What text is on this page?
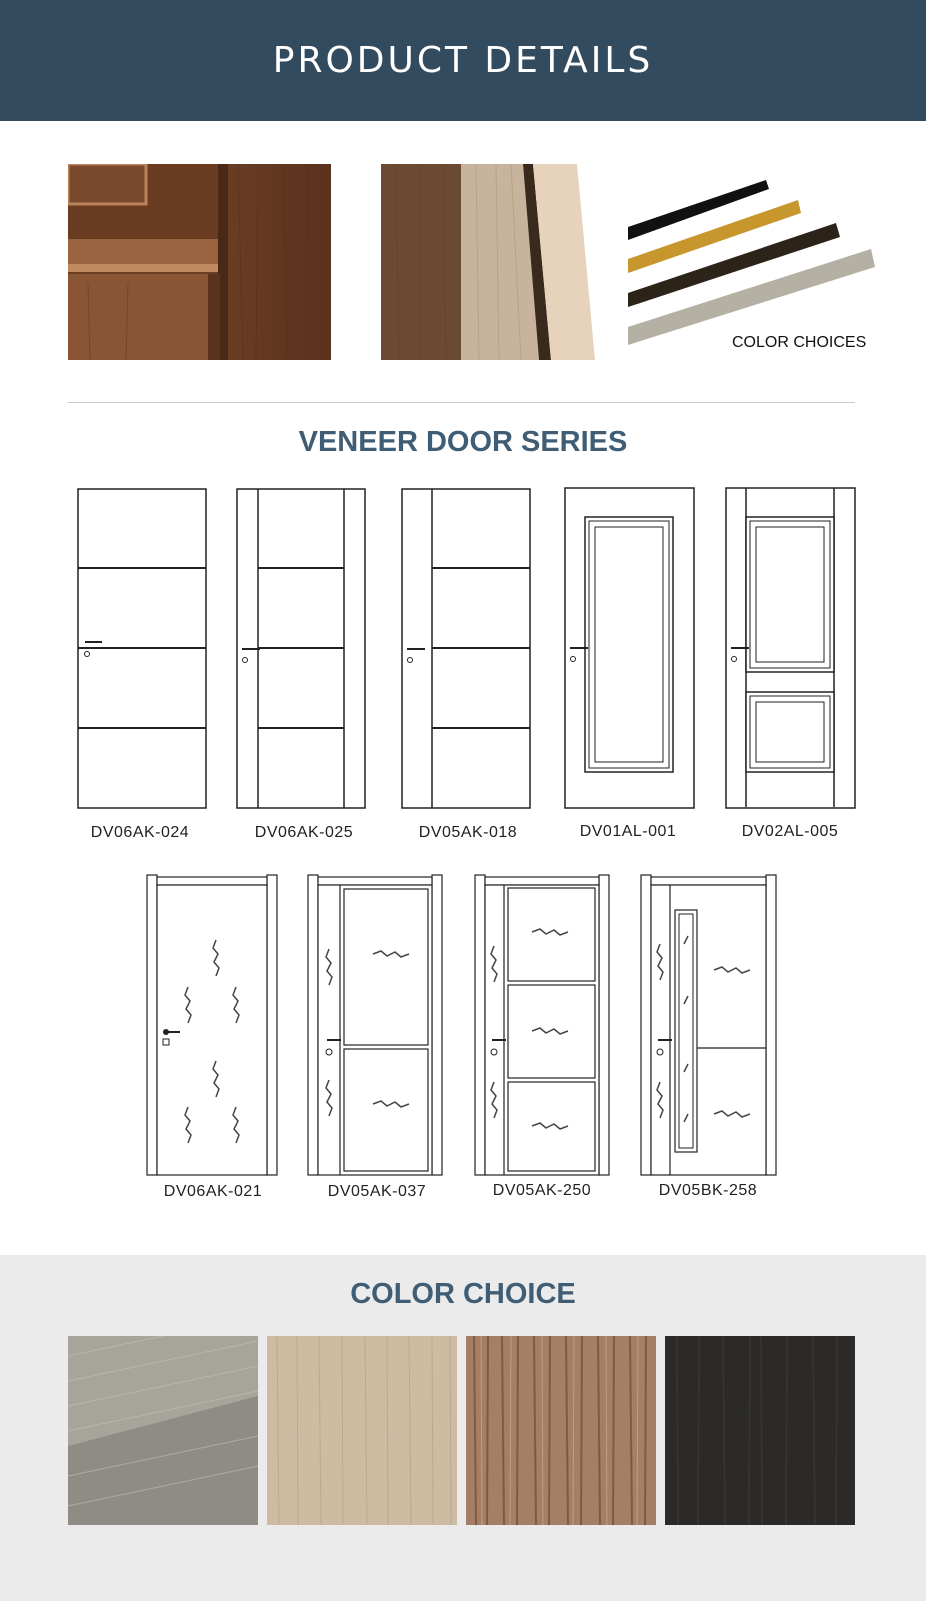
PRODUCT DETAILS
COLOR CHOICES
VENEER DOOR SERIES
DV06AK-024	DV06AK-025	DV05AK-018	DV01AL-001	DV02AL-005
DV06AK-021	DV05AK-037	DV05AK-250	DV05BK-258
COLOR CHOICE
